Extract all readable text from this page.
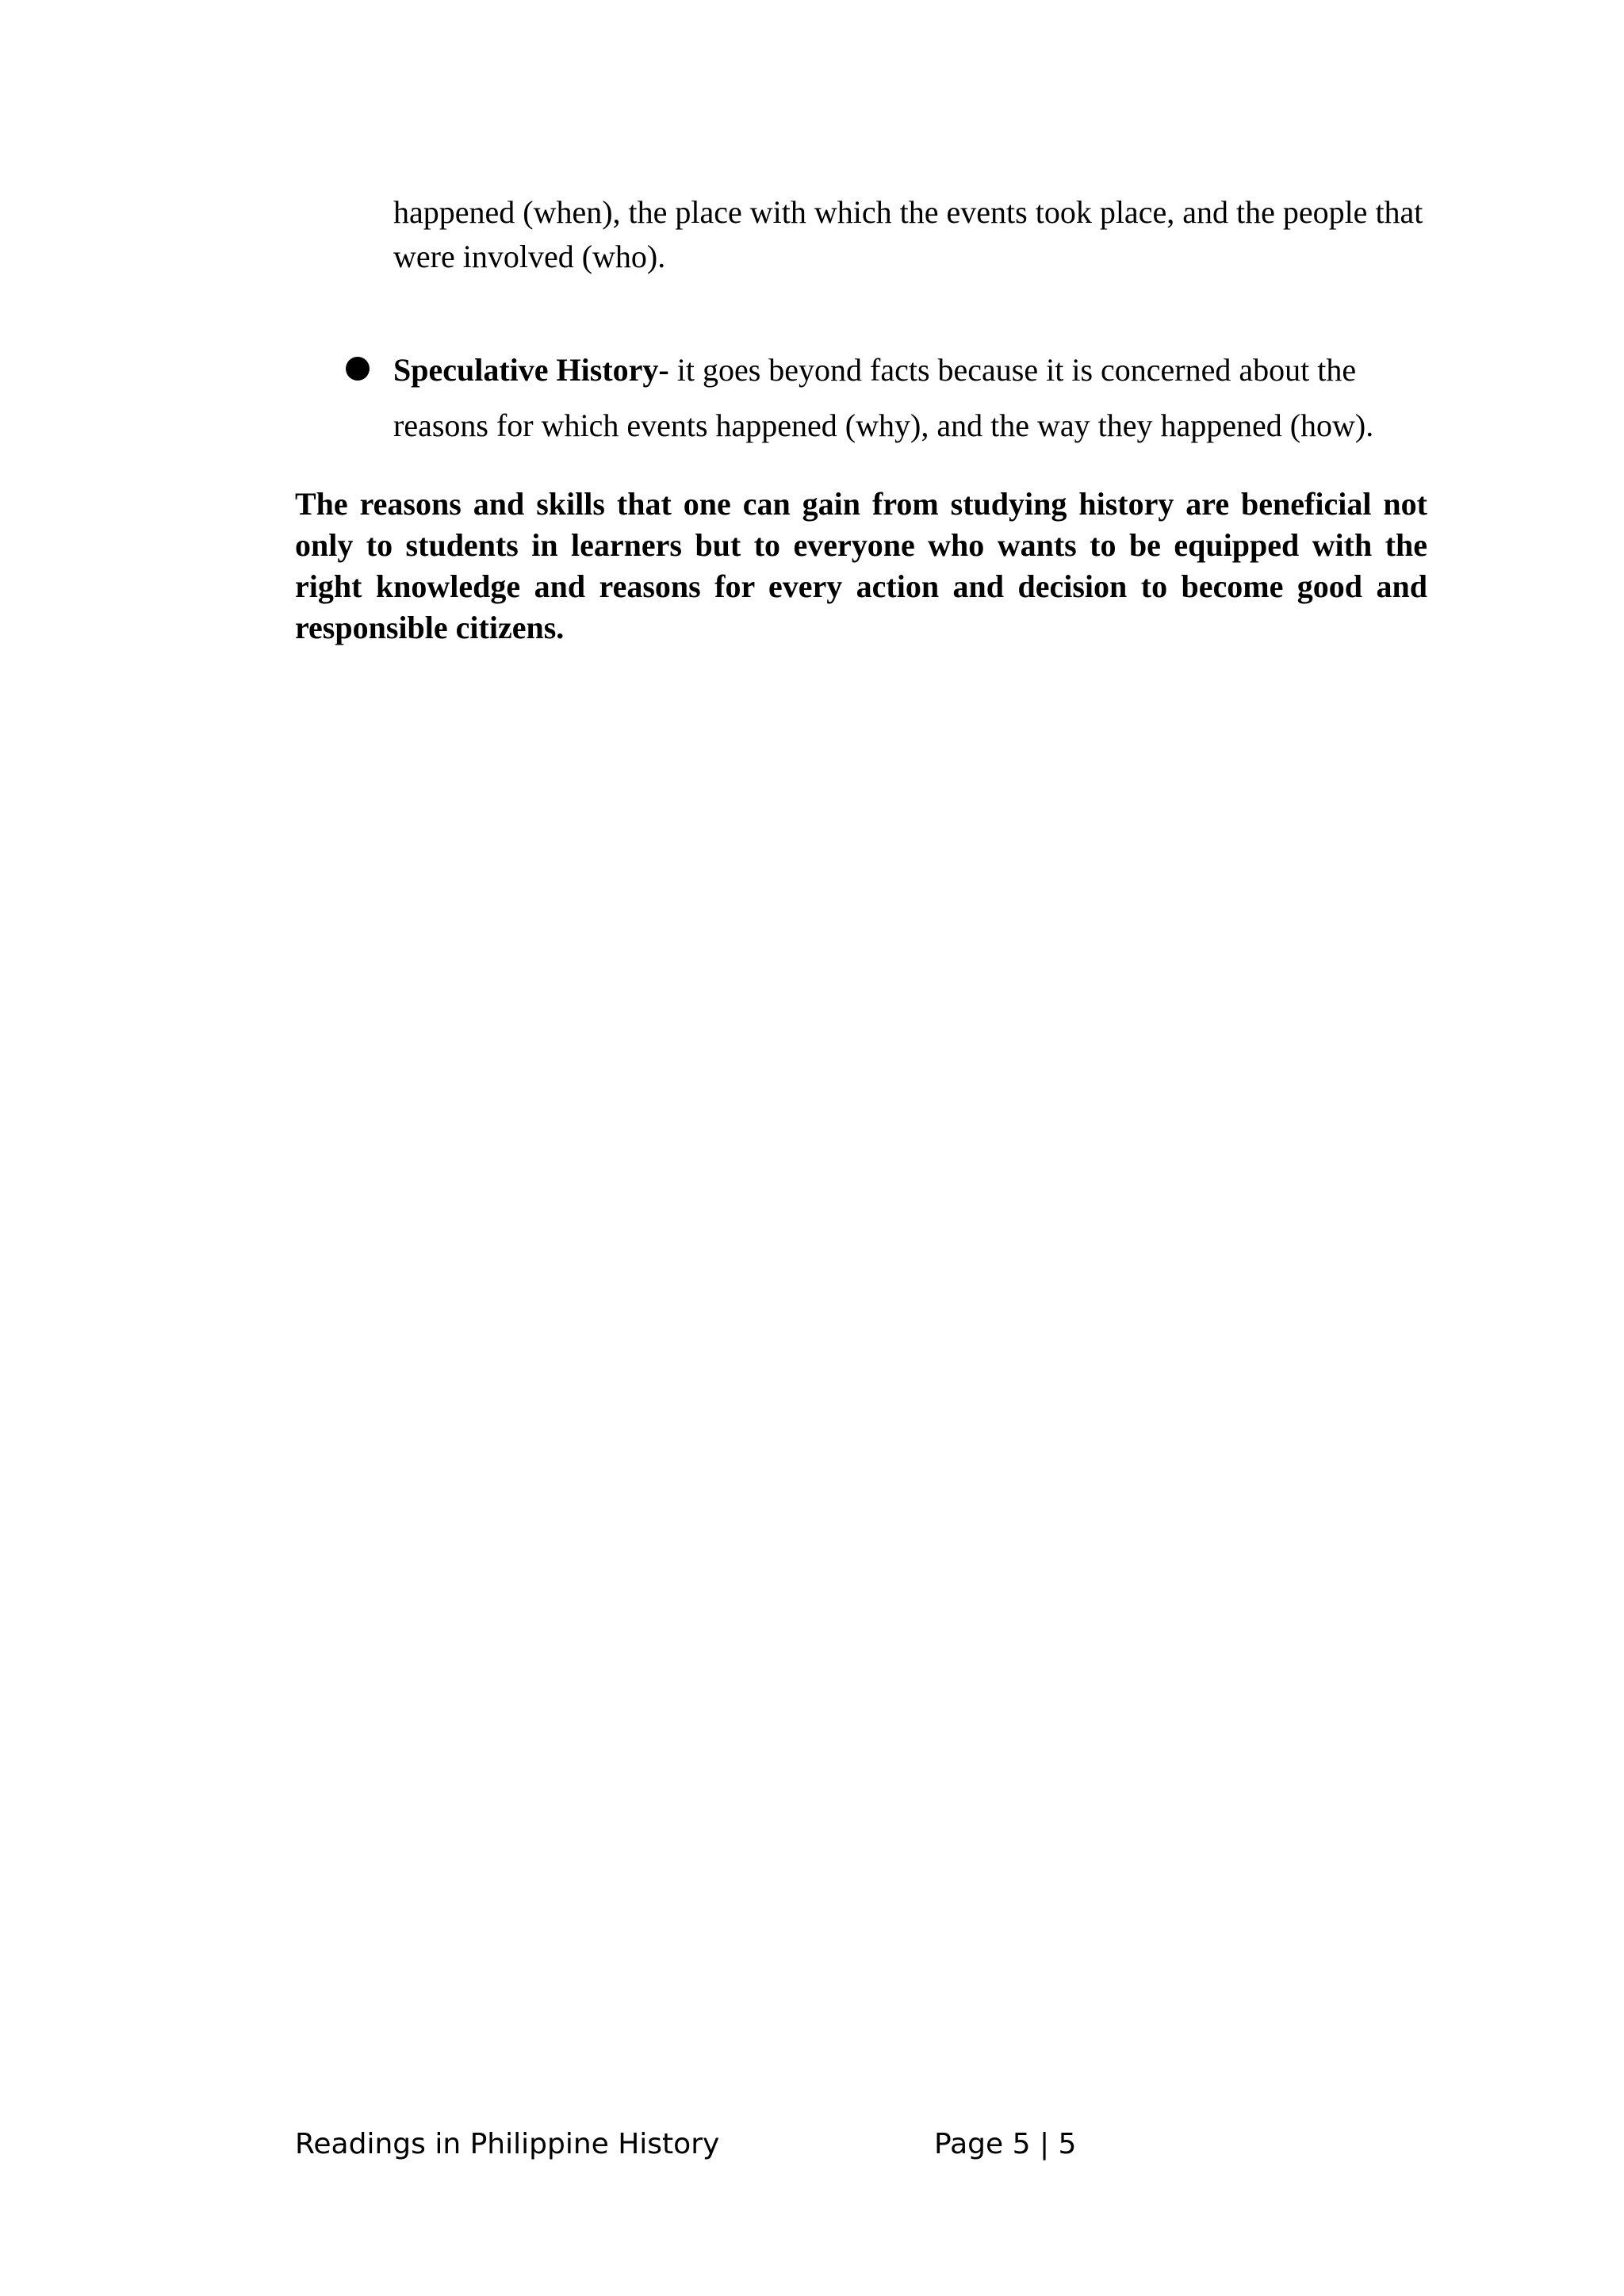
happened (when), the place with which the events took place, and the people that were involved (who).

Speculative History- it goes beyond facts because it is concerned about the reasons for which events happened (why), and the way they happened (how).

The reasons and skills that one can gain from studying history are beneficial not only to students in learners but to everyone who wants to be equipped with the right knowledge and reasons for every action and decision to become good and responsible citizens.

Readings in Philippine History	Page 5 | 5
